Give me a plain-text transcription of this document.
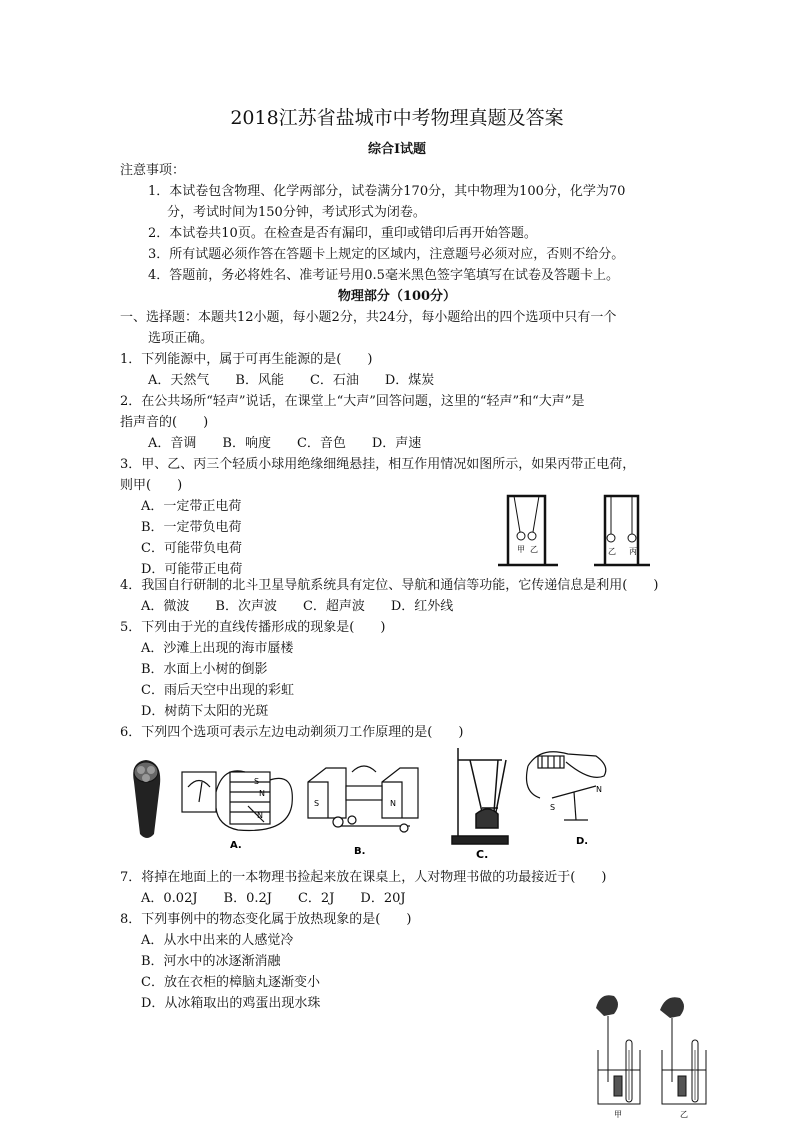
2018江苏省盐城市中考物理真题及答案
综合Ⅰ试题
注意事项：
1．本试卷包含物理、化学两部分，试卷满分170分，其中物理为100分，化学为70
分，考试时间为150分钟，考试形式为闭卷。
2．本试卷共10页。在检查是否有漏印，重印或错印后再开始答题。
3．所有试题必须作答在答题卡上规定的区域内，注意题号必须对应，否则不给分。
4．答题前，务必将姓名、准考证号用0.5毫米黑色签字笔填写在试卷及答题卡上。
物理部分（100分）
一、选择题：本题共12小题，每小题2分，共24分，每小题给出的四个选项中只有一个
选项正确。
1．下列能源中，属于可再生能源的是(　　)
A．天然气　　B．风能　　C．石油　　D．煤炭
2．在公共场所“轻声”说话，在课堂上“大声”回答问题，这里的“轻声”和“大声”是
指声音的(　　)
A．音调　　B．响度　　C．音色　　D．声速
3．甲、乙、丙三个轻质小球用绝缘细绳悬挂，相互作用情况如图所示，如果丙带正电荷，
则甲(　　)
A．一定带正电荷
B．一定带负电荷
C．可能带负电荷
D．可能带正电荷
甲 乙	乙 丙
4．我国自行研制的北斗卫星导航系统具有定位、导航和通信等功能，它传递信息是利用(　　)
A．微波　　B．次声波　　C．超声波　　D．红外线
5．下列由于光的直线传播形成的现象是(　　)
A．沙滩上出现的海市蜃楼
B．水面上小树的倒影
C．雨后天空中出现的彩虹
D．树荫下太阳的光斑
6．下列四个选项可表示左边电动剃须刀工作原理的是(　　)
S
N
N
A.
S	N
B.	C.
S
N
D.
7．将掉在地面上的一本物理书捡起来放在课桌上，人对物理书做的功最接近于(　　)
A．0.02J　　B．0.2J　　C．2J　　D．20J
8．下列事例中的物态变化属于放热现象的是(　　)
A．从水中出来的人感觉冷
B．河水中的冰逐渐消融
C．放在衣柜的樟脑丸逐渐变小
D．从冰箱取出的鸡蛋出现水珠
甲	乙
